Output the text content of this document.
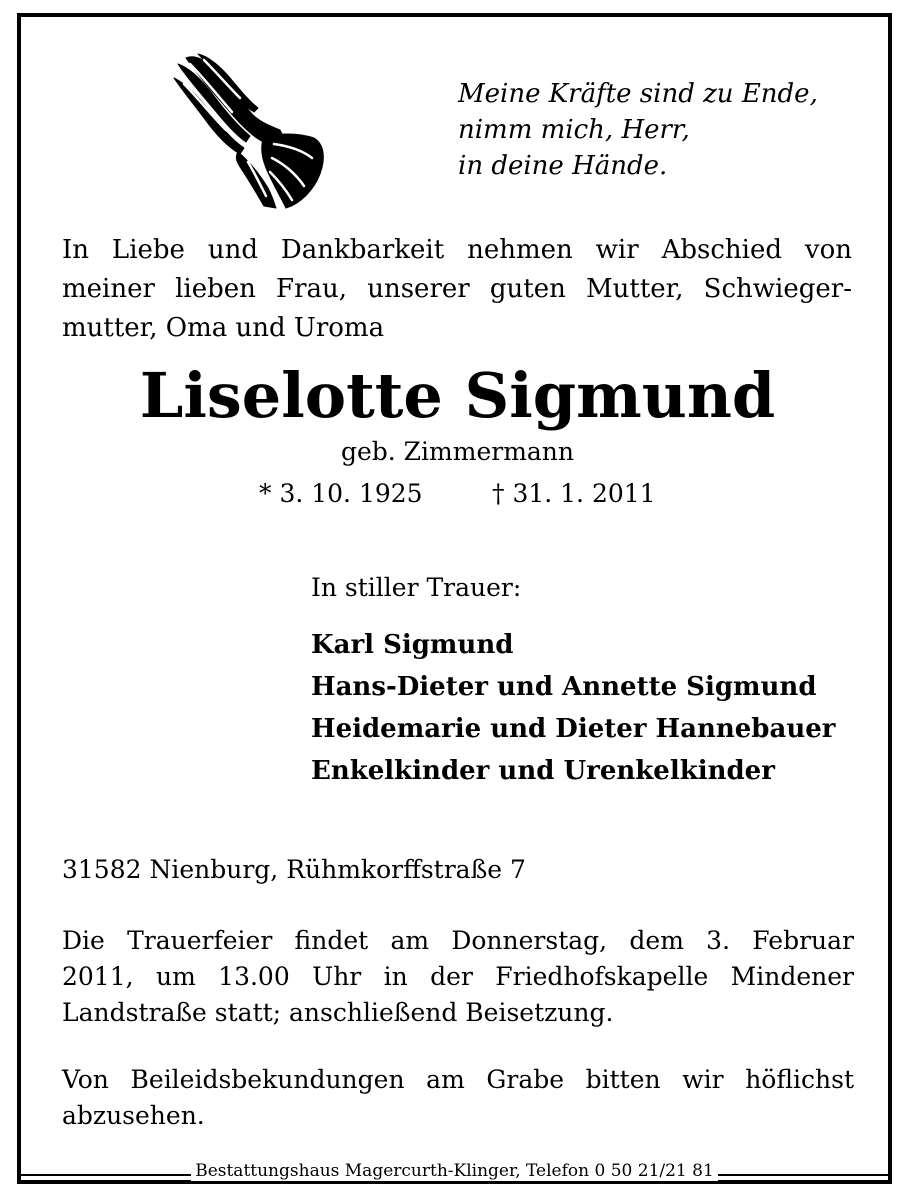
Meine Kräfte sind zu Ende,
nimm mich, Herr,
in deine Hände.
In Liebe und Dankbarkeit nehmen wir Abschied von
meiner lieben Frau, unserer guten Mutter, Schwieger-
mutter, Oma und Uroma
Liselotte Sigmund
geb. Zimmermann
* 3. 10. 1925	† 31. 1. 2011
In stiller Trauer:
Karl Sigmund
Hans-Dieter und Annette Sigmund
Heidemarie und Dieter Hannebauer
Enkelkinder und Urenkelkinder
31582 Nienburg, Rühmkorffstraße 7
Die Trauerfeier findet am Donnerstag, dem 3. Februar
2011, um 13.00 Uhr in der Friedhofskapelle Mindener
Landstraße statt; anschließend Beisetzung.
Von Beileidsbekundungen am Grabe bitten wir höflichst
abzusehen.
Bestattungshaus Magercurth-Klinger, Telefon 0 50 21/21 81
